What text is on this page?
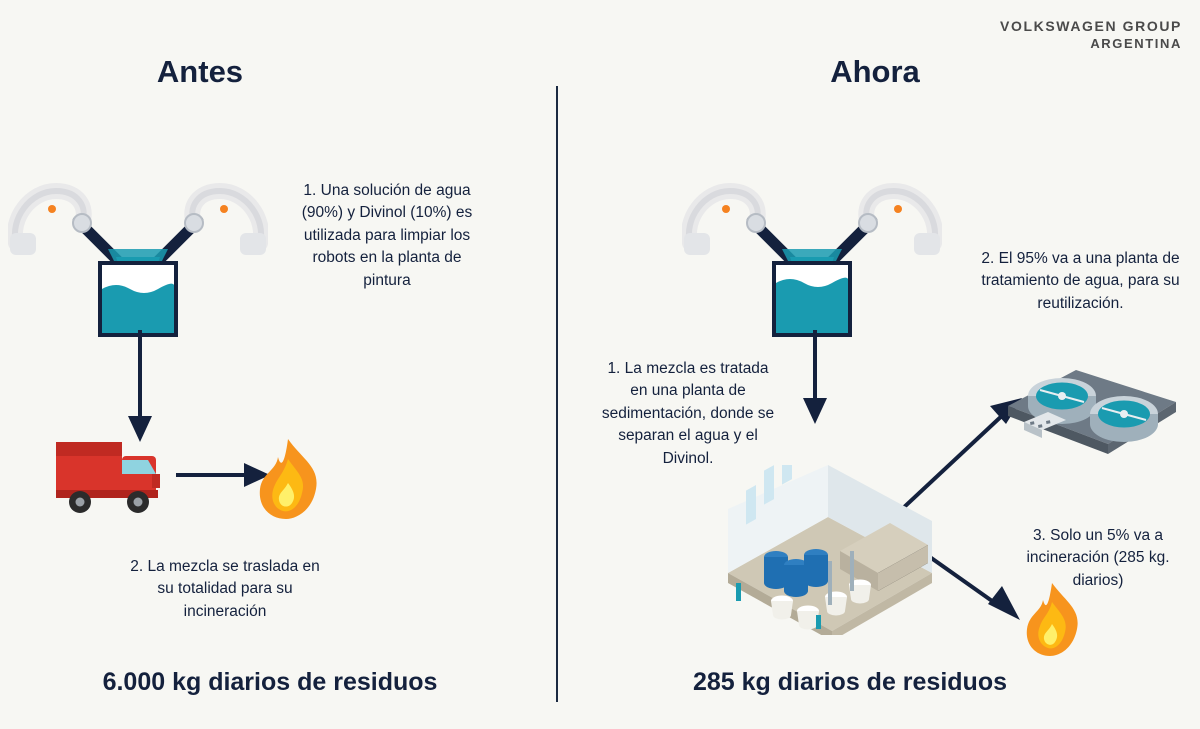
VOLKSWAGEN GROUP
ARGENTINA
Antes	Ahora
1. Una solución de agua (90%) y Divinol (10%) es utilizada para limpiar los robots en la planta de pintura
2. La mezcla se traslada en su totalidad para su incineración
1. La mezcla es tratada en una planta de sedimentación, donde se separan el agua y el Divinol.
2. El 95% va a una planta de tratamiento de agua, para su reutilización.
3. Solo un 5% va a incineración (285 kg. diarios)
6.000 kg diarios de residuos	285 kg diarios de residuos
